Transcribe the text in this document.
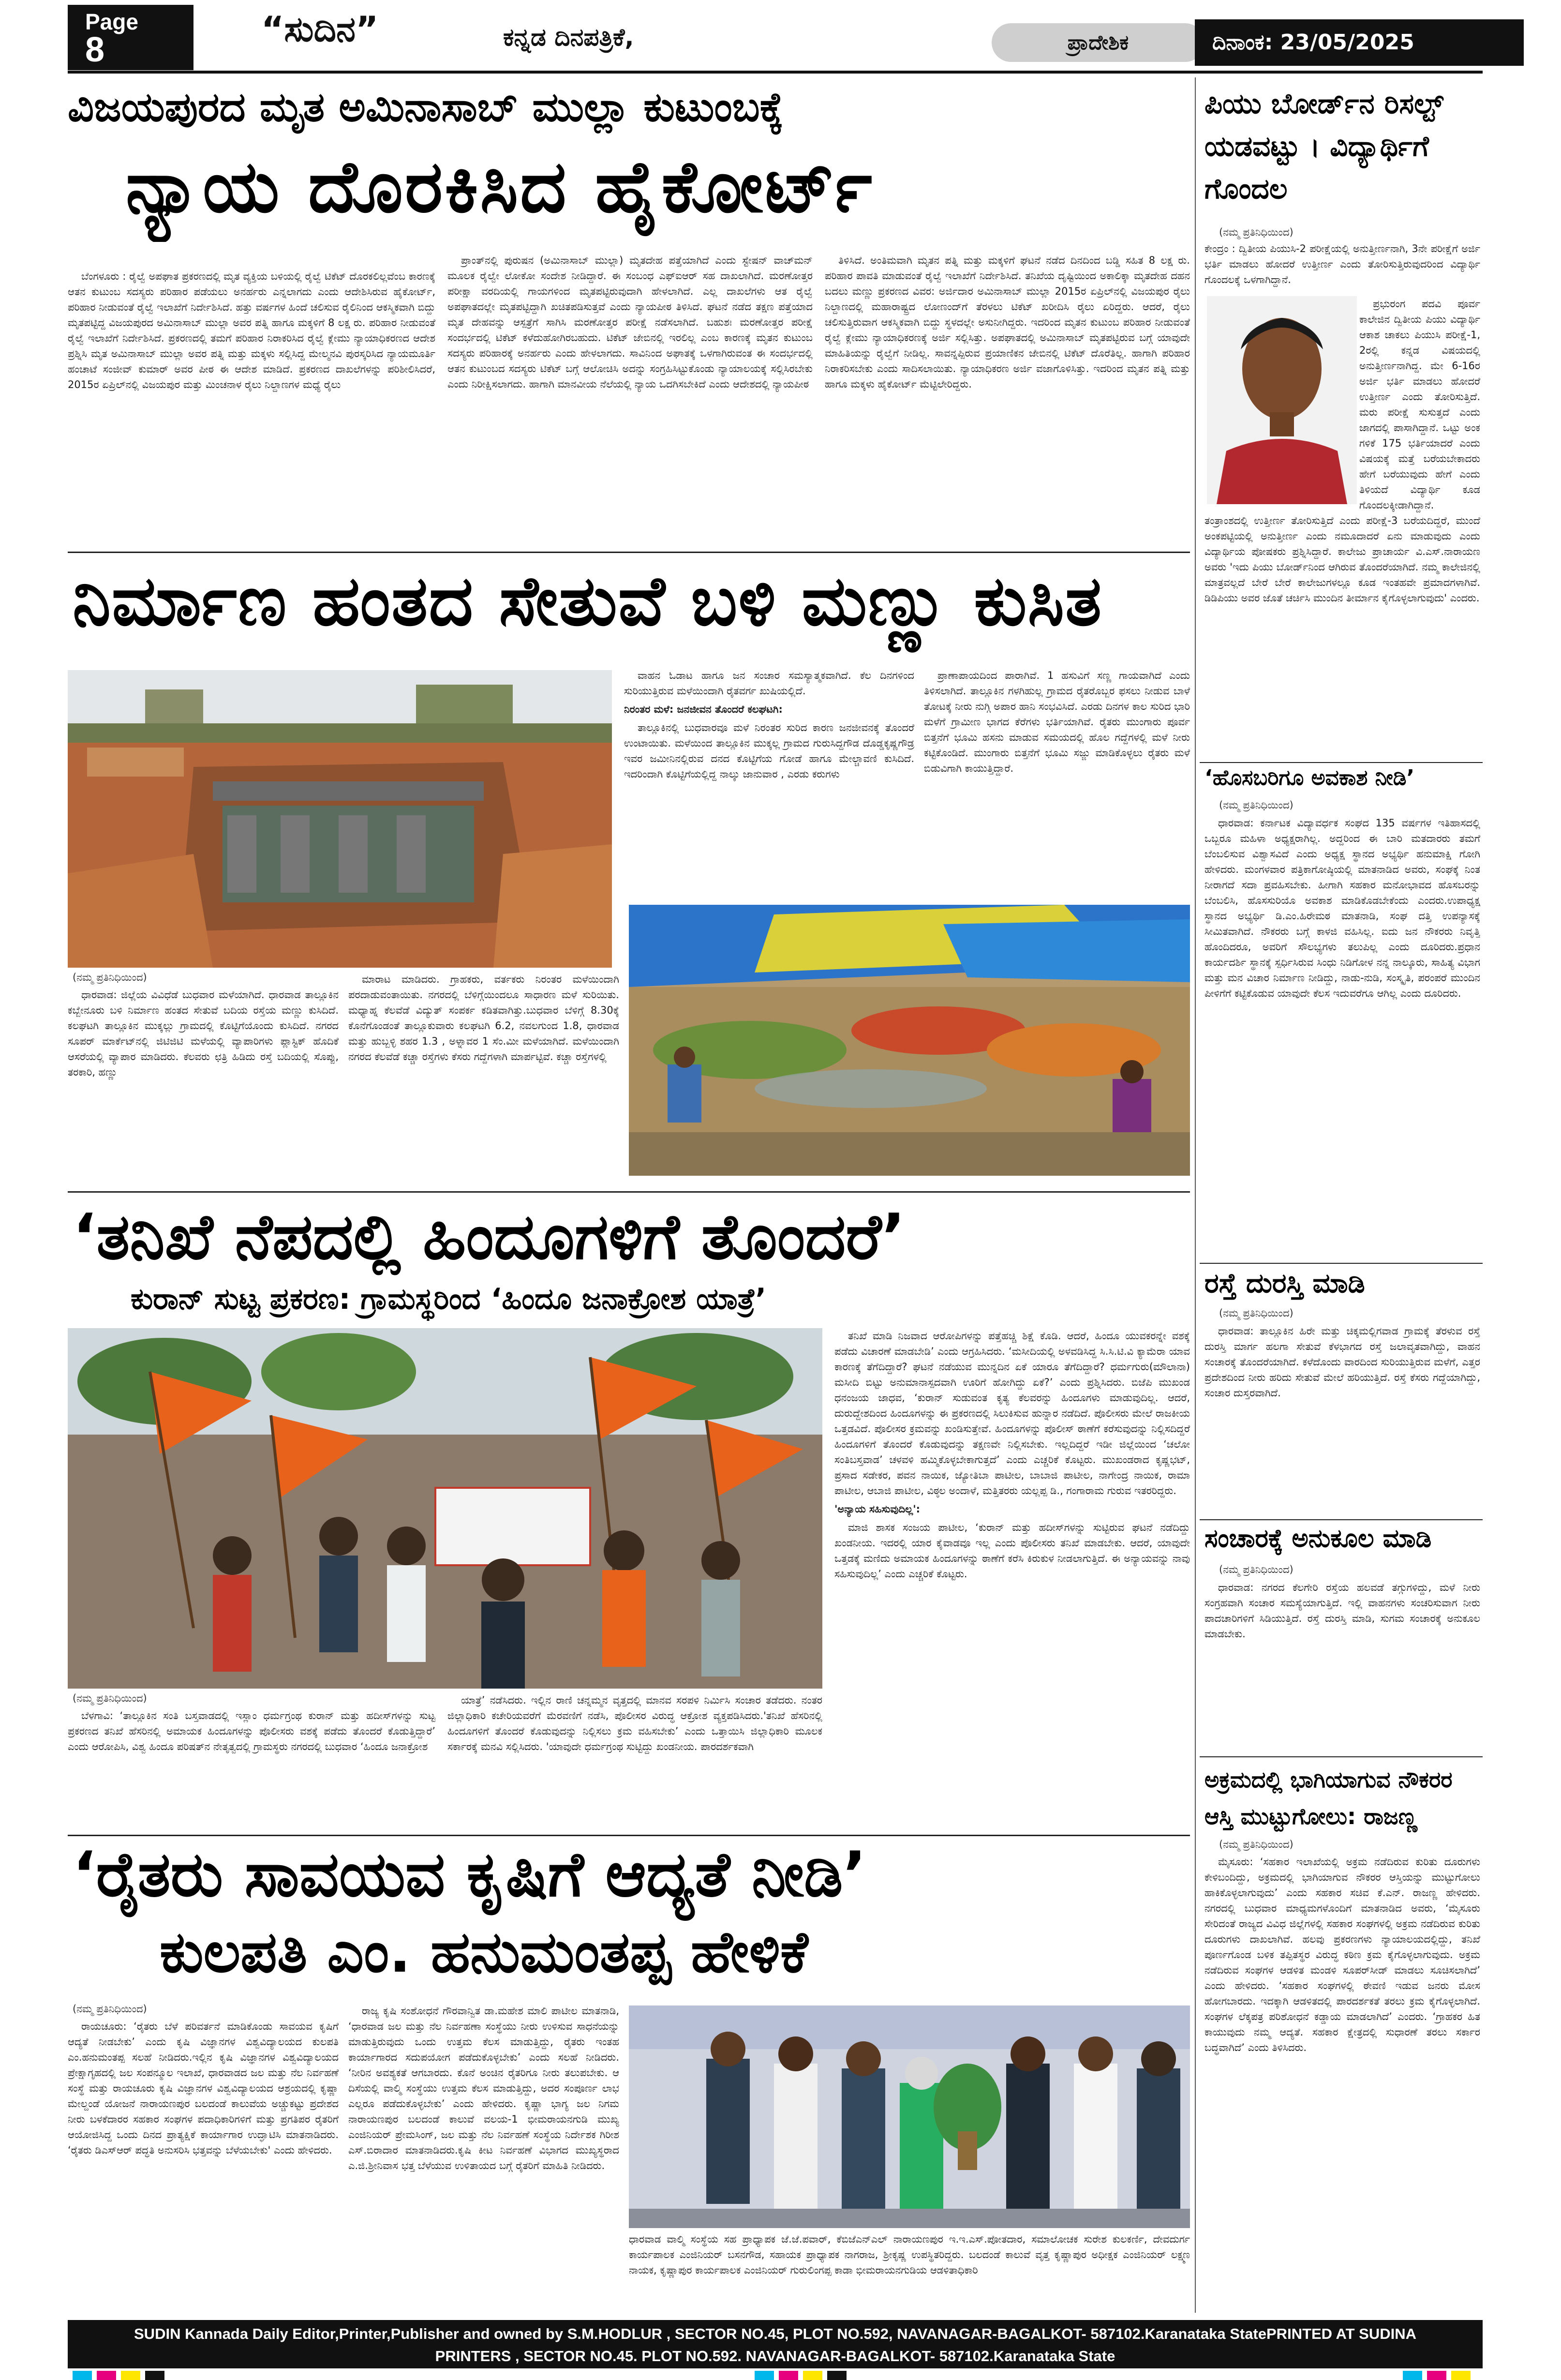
Page
8
“ಸುದಿನ”	ಕನ್ನಡ ದಿನಪತ್ರಿಕೆ,	ಪ್ರಾದೇಶಿಕ	ದಿನಾಂಕ: 23/05/2025
ವಿಜಯಪುರದ ಮೃತ ಅಮಿನಾಸಾಬ್ ಮುಲ್ಲಾ ಕುಟುಂಬಕ್ಕೆ
ನ್ಯಾಯ ದೊರಕಿಸಿದ ಹೈಕೋರ್ಟ್

ಬೆಂಗಳೂರು : ರೈಲ್ವೆ ಅಪಘಾತ ಪ್ರಕರಣದಲ್ಲಿ ಮೃತ ವ್ಯಕ್ತಿಯ ಬಳಿಯಲ್ಲಿ ರೈಲ್ವೆ ಟಿಕೆಟ್ ದೊರಕಲಿಲ್ಲವೆಂಬ ಕಾರಣಕ್ಕೆ ಆತನ ಕುಟುಂಬ ಸದಸ್ಯರು ಪರಿಹಾರ ಪಡೆಯಲು ಅನರ್ಹರು ಎನ್ನಲಾಗದು ಎಂದು ಆದೇಶಿಸಿರುವ ಹೈಕೋರ್ಟ್, ಪರಿಹಾರ ನೀಡುವಂತೆ ರೈಲ್ವೆ ಇಲಾಖೆಗೆ ನಿರ್ದೇಶಿಸಿದೆ. ಹತ್ತು ವರ್ಷಗಳ ಹಿಂದೆ ಚಲಿಸುವ ರೈಲಿನಿಂದ ಆಕಸ್ಮಿಕವಾಗಿ ಬಿದ್ದು ಮೃತಪಟ್ಟಿದ್ದ ವಿಜಯಪುರದ ಅಮಿನಾಸಾಬ್ ಮುಲ್ಲಾ ಅವರ ಪತ್ನಿ ಹಾಗೂ ಮಕ್ಕಳಿಗೆ 8 ಲಕ್ಷ ರು. ಪರಿಹಾರ ನೀಡುವಂತೆ ರೈಲ್ವೆ ಇಲಾಖೆಗೆ ನಿರ್ದೇಶಿಸಿದೆ. ಪ್ರಕರಣದಲ್ಲಿ ತಮಗೆ ಪರಿಹಾರ ನಿರಾಕರಿಸಿದ ರೈಲ್ವೆ ಕ್ಲೇಮು ನ್ಯಾಯಾಧಿಕರಣದ ಆದೇಶ ಪ್ರಶ್ನಿಸಿ ಮೃತ ಅಮಿನಾಸಾಬ್ ಮುಲ್ಲಾ ಅವರ ಪತ್ನಿ ಮತ್ತು ಮಕ್ಕಳು ಸಲ್ಲಿಸಿದ್ದ ಮೇಲ್ಮನವಿ ಪುರಸ್ಕರಿಸಿದ ನ್ಯಾಯಮೂರ್ತಿ ಹಂಚಾಟೆ ಸಂಜೀವ್ ಕುಮಾರ್ ಅವರ ಪೀಠ ಈ ಆದೇಶ ಮಾಡಿದೆ. ಪ್ರಕರಣದ ದಾಖಲೆಗಳನ್ನು ಪರಿಶೀಲಿಸಿದರೆ, 2015ರ ಏಪ್ರಿಲ್‌ನಲ್ಲಿ ವಿಜಯಪುರ ಮತ್ತು ಮಿಂಚನಾಳ ರೈಲು ನಿಲ್ದಾಣಗಳ ಮಧ್ಯೆ ರೈಲು

ಪ್ರಾಂತ್‌ನಲ್ಲಿ ಪುರುಷನ (ಅಮಿನಾಸಾಬ್ ಮುಲ್ಲಾ) ಮೃತದೇಹ ಪತ್ತೆಯಾಗಿದೆ ಎಂದು ಸ್ಟೇಷನ್ ವಾಚ್‌ಮನ್ ಮೂಲಕ ರೈಲ್ವೇ ಲೋಕೋ ಸಂದೇಶ ನೀಡಿದ್ದಾರೆ. ಈ ಸಂಬಂಧ ಎಫ್‌ಐಆರ್ ಸಹ ದಾಖಲಾಗಿದೆ. ಮರಣೋತ್ತರ ಪರೀಕ್ಷಾ ವರದಿಯಲ್ಲಿ ಗಾಯಗಳಿಂದ ಮೃತಪಟ್ಟಿರುವುದಾಗಿ ಹೇಳಲಾಗಿದೆ. ಎಲ್ಲ ದಾಖಲೆಗಳು ಆತ ರೈಲ್ವೆ ಅಪಘಾತದಲ್ಲೇ ಮೃತಪಟ್ಟಿದ್ದಾಗಿ ಖಚಿತಪಡಿಸುತ್ತವೆ ಎಂದು ನ್ಯಾಯಪೀಠ ತಿಳಿಸಿದೆ. ಘಟನೆ ನಡೆದ ತಕ್ಷಣ ಪತ್ತೆಯಾದ ಮೃತ ದೇಹವನ್ನು ಆಸ್ಪತ್ರೆಗೆ ಸಾಗಿಸಿ ಮರಣೋತ್ತರ ಪರೀಕ್ಷೆ ನಡೆಸಲಾಗಿದೆ. ಬಹುಶಃ ಮರಣೋತ್ತರ ಪರೀಕ್ಷೆ ಸಂದರ್ಭದಲ್ಲಿ ಟಿಕೆಟ್ ಕಳೆದುಹೋಗಿರಬಹುದು. ಟಿಕೆಟ್ ಜೇಬಿನಲ್ಲಿ ಇರಲಿಲ್ಲ ಎಂಬ ಕಾರಣಕ್ಕೆ ಮೃತನ ಕುಟುಂಬ ಸದಸ್ಯರು ಪರಿಹಾರಕ್ಕೆ ಅನರ್ಹರು ಎಂದು ಹೇಳಲಾಗದು. ಸಾವಿನಿಂದ ಅಘಾತಕ್ಕೆ ಒಳಗಾಗಿರುವಂತ ಈ ಸಂದರ್ಭದಲ್ಲಿ ಆತನ ಕುಟುಂಬದ ಸದಸ್ಯರು ಟಿಕೆಟ್ ಬಗ್ಗೆ ಆಲೋಚಿಸಿ ಅದನ್ನು ಸಂಗ್ರಹಿಸಿಟ್ಟುಕೊಂಡು ನ್ಯಾಯಾಲಯಕ್ಕೆ ಸಲ್ಲಿಸಿರಬೇಕು ಎಂದು ನಿರೀಕ್ಷಿಸಲಾಗದು. ಹಾಗಾಗಿ ಮಾನವೀಯ ನೆಲೆಯಲ್ಲಿ ನ್ಯಾಯ ಒದಗಿಸಬೇಕಿದೆ ಎಂದು ಆದೇಶದಲ್ಲಿ ನ್ಯಾಯಪೀಠ

ತಿಳಿಸಿದೆ. ಅಂತಿಮವಾಗಿ ಮೃತನ ಪತ್ನಿ ಮತ್ತು ಮಕ್ಕಳಿಗೆ ಘಟನೆ ನಡೆದ ದಿನದಿಂದ ಬಡ್ಡಿ ಸಹಿತ 8 ಲಕ್ಷ ರು. ಪರಿಹಾರ ಪಾವತಿ ಮಾಡುವಂತೆ ರೈಲ್ವೆ ಇಲಾಖೆಗೆ ನಿರ್ದೇಶಿಸಿದೆ. ತನಿಖೆಯ ದೃಷ್ಟಿಯಿಂದ ಅಕಾಲಿಕ್ಕಾ ಮೃತದೇಹ ದಹನ ಬದಲು ಮಣ್ಣು ಪ್ರಕರಣದ ವಿವರ: ಅರ್ಜಿದಾರ ಅಮಿನಾಸಾಬ್ ಮುಲ್ಲಾ 2015ರ ಏಪ್ರಿಲ್‌ನಲ್ಲಿ ವಿಜಯಪುರ ರೈಲು ನಿಲ್ದಾಣದಲ್ಲಿ ಮಹಾರಾಷ್ಟ್ರದ ಲೋಣಂದ್‌ಗೆ ತೆರಳಲು ಟಿಕೆಟ್ ಖರೀದಿಸಿ ರೈಲು ಏರಿದ್ದರು. ಆದರೆ, ರೈಲು ಚಲಿಸುತ್ತಿರುವಾಗ ಆಕಸ್ಮಿಕವಾಗಿ ಬಿದ್ದು ಸ್ಥಳದಲ್ಲೇ ಅಸುನೀಗಿದ್ದರು. ಇದರಿಂದ ಮೃತನ ಕುಟುಂಬ ಪರಿಹಾರ ನೀಡುವಂತೆ ರೈಲ್ವೆ ಕ್ಲೇಮು ನ್ಯಾಯಾಧಿಕರಣಕ್ಕೆ ಅರ್ಜಿ ಸಲ್ಲಿಸಿತ್ತು. ಅಪಘಾತದಲ್ಲಿ ಅಮಿನಾಸಾಬ್ ಮೃತಪಟ್ಟಿರುವ ಬಗ್ಗೆ ಯಾವುದೇ ಮಾಹಿತಿಯನ್ನು ರೈಲ್ವೆಗೆ ನೀಡಿಲ್ಲ. ಸಾವನ್ನಪ್ಪಿರುವ ಪ್ರಯಾಣಿಕನ ಜೇಬಿನಲ್ಲಿ ಟಿಕೆಟ್ ದೊರೆತಿಲ್ಲ. ಹಾಗಾಗಿ ಪರಿಹಾರ ನಿರಾಕರಿಸಬೇಕು ಎಂದು ಸಾದಿಸಲಾಯಿತು. ನ್ಯಾಯಾಧಿಕರಣ ಅರ್ಜಿ ವಜಾಗೊಳಿಸಿತ್ತು. ಇದರಿಂದ ಮೃತನ ಪತ್ನಿ ಮತ್ತು ಹಾಗೂ ಮಕ್ಕಳು ಹೈಕೋರ್ಟ್ ಮೆಟ್ಟಿಲೇರಿದ್ದರು.

ನಿರ್ಮಾಣ ಹಂತದ ಸೇತುವೆ ಬಳಿ ಮಣ್ಣು ಕುಸಿತ

ವಾಹನ ಓಡಾಟ ಹಾಗೂ ಜನ ಸಂಚಾರ ಸಮಸ್ಯಾತ್ಮಕವಾಗಿದೆ. ಕೆಲ ದಿನಗಳಿಂದ ಸುರಿಯುತ್ತಿರುವ ಮಳೆಯಿಂದಾಗಿ ರೈತವರ್ಗ ಖುಷಿಯಲ್ಲಿದೆ.

ನಿರಂತರ ಮಳೆ: ಜನಜೀವನ ತೊಂದರೆ ಕಲಘಟಗಿ:

ತಾಲ್ಲೂಕಿನಲ್ಲಿ ಬುಧವಾರವೂ ಮಳೆ ನಿರಂತರ ಸುರಿದ ಕಾರಣ ಜನಜೀವನಕ್ಕೆ ತೊಂದರೆ ಉಂಟಾಯಿತು. ಮಳೆಯಿಂದ ತಾಲ್ಲೂಕಿನ ಮುಕ್ಕಲ್ಲ ಗ್ರಾಮದ ಗುರುಸಿದ್ದಗೌಡ ದೊಡ್ಡಕೃಷ್ಣಗೌಡ್ರ ಇವರ ಜಮೀನಿನಲ್ಲಿರುವ ದನದ ಕೊಟ್ಟಿಗೆಯ ಗೋಡೆ ಹಾಗೂ ಮೇಲ್ಚಾವಣಿ ಕುಸಿದಿದೆ. ಇದರಿಂದಾಗಿ ಕೊಟ್ಟಿಗೆಯಲ್ಲಿದ್ದ ನಾಲ್ಕು ಜಾನುವಾರ , ಎರಡು ಕರುಗಳು

ಪ್ರಾಣಾಪಾಯದಿಂದ ಪಾರಾಗಿವೆ. 1 ಹಸುವಿಗೆ ಸಣ್ಣ ಗಾಯವಾಗಿದೆ ಎಂದು ತಿಳಿಸಲಾಗಿದೆ. ತಾಲ್ಲೂಕಿನ ಗಳಗಿಹುಲ್ಲ ಗ್ರಾಮದ ರೈತರೊಬ್ಬರ ಫಸಲು ನೀಡುವ ಬಾಳೆ ತೋಟಕ್ಕೆ ನೀರು ನುಗ್ಗಿ ಅಪಾರ ಹಾನಿ ಸಂಭವಿಸಿದೆ. ಎರಡು ದಿನಗಳ ಕಾಲ ಸುರಿದ ಭಾರಿ ಮಳೆಗೆ ಗ್ರಾಮೀಣ ಭಾಗದ ಕೆರೆಗಳು ಭರ್ತಿಯಾಗಿವೆ. ರೈತರು ಮುಂಗಾರು ಪೂರ್ವ ಬಿತ್ತನೆಗೆ ಭೂಮಿ ಹಸನು ಮಾಡುವ ಸಮಯದಲ್ಲಿ ಹೊಲ ಗದ್ದೆಗಳಲ್ಲಿ ಮಳೆ ನೀರು ಕಟ್ಟಿಕೊಂಡಿದೆ. ಮುಂಗಾರು ಬಿತ್ತನೆಗೆ ಭೂಮಿ ಸಜ್ಜು ಮಾಡಿಕೊಳ್ಳಲು ರೈತರು ಮಳೆ ಬಿಡುವಿಗಾಗಿ ಕಾಯುತ್ತಿದ್ದಾರೆ.

(ನಮ್ಮ ಪ್ರತಿನಿಧಿಯಿಂದ)

ಧಾರವಾಡ: ಜಿಲ್ಲೆಯ ವಿವಿಧೆಡೆ ಬುಧವಾರ ಮಳೆಯಾಗಿದೆ. ಧಾರವಾಡ ತಾಲ್ಲೂಕಿನ ಕಬ್ಬೇನೂರು ಬಳಿ ನಿರ್ಮಾಣ ಹಂತದ ಸೇತುವೆ ಬದಿಯ ರಸ್ತೆಯ ಮಣ್ಣು ಕುಸಿದಿದೆ. ಕಲಘಟಗಿ ತಾಲ್ಲೂಕಿನ ಮುಕ್ಕಲ್ಲು ಗ್ರಾಮದಲ್ಲಿ ಕೊಟ್ಟಿಗೆಯೊಂದು ಕುಸಿದಿದೆ. ನಗರದ ಸೂಪರ್ ಮಾರ್ಕೆಟ್‌ನಲ್ಲಿ ಜಿಟಿಜಿಟಿ ಮಳೆಯಲ್ಲಿ ವ್ಯಾಪಾರಿಗಳು ಪ್ಲಾಸ್ಟಿಕ್ ಹೊದಿಕೆ ಆಸರೆಯಲ್ಲಿ ವ್ಯಾಪಾರ ಮಾಡಿದರು. ಕೆಲವರು ಛತ್ರಿ ಹಿಡಿದು ರಸ್ತೆ ಬದಿಯಲ್ಲಿ ಸೊಪ್ಪು, ತರಕಾರಿ, ಹಣ್ಣು

ಮಾರಾಟ ಮಾಡಿದರು. ಗ್ರಾಹಕರು, ವರ್ತಕರು ನಿರಂತರ ಮಳೆಯಿಂದಾಗಿ ಪರದಾಡುವಂತಾಯಿತು. ನಗರದಲ್ಲಿ ಬೆಳಿಗ್ಗೆಯಿಂದಲೂ ಸಾಧಾರಣ ಮಳೆ ಸುರಿಯಿತು. ಮಧ್ಯಾಹ್ನ ಕೆಲವೆಡೆ ವಿದ್ಯುತ್ ಸಂಪರ್ಕ ಕಡಿತವಾಗಿತ್ತು.ಬುಧವಾರ ಬೆಳಿಗ್ಗೆ 8.30ಕ್ಕೆ ಕೊನೆಗೊಂಡಂತೆ ತಾಲ್ಲೂಕುವಾರು ಕಲಘಟಗಿ 6.2, ನವಲಗುಂದ 1.8, ಧಾರವಾಡ ಮತ್ತು ಹುಬ್ಬಳ್ಳಿ ಶಹರ 1.3 , ಅಳ್ನಾವರ 1 ಸೆಂ.ಮೀ ಮಳೆಯಾಗಿದೆ. ಮಳೆಯಿಂದಾಗಿ ನಗರದ ಕೆಲವೆಡೆ ಕಚ್ಚಾ ರಸ್ತೆಗಳು ಕೆಸರು ಗದ್ದೆಗಳಾಗಿ ಮಾರ್ಪಟ್ಟಿವೆ. ಕಚ್ಚಾ ರಸ್ತೆಗಳಲ್ಲಿ

‘ತನಿಖೆ ನೆಪದಲ್ಲಿ ಹಿಂದೂಗಳಿಗೆ ತೊಂದರೆ’
ಕುರಾನ್ ಸುಟ್ಟ ಪ್ರಕರಣ: ಗ್ರಾಮಸ್ಥರಿಂದ ‘ಹಿಂದೂ ಜನಾಕ್ರೋಶ ಯಾತ್ರೆ’

ತನಿಖೆ ಮಾಡಿ ನಿಜವಾದ ಆರೋಪಿಗಳನ್ನು ಪತ್ತೆಹಚ್ಚಿ ಶಿಕ್ಷೆ ಕೊಡಿ. ಆದರೆ, ಹಿಂದೂ ಯುವಕರನ್ನೇ ವಶಕ್ಕೆ ಪಡೆದು ವಿಚಾರಣೆ ಮಾಡಬೇಡಿ’ ಎಂದು ಆಗ್ರಹಿಸಿದರು. ‘ಮಸೀದಿಯಲ್ಲಿ ಅಳವಡಿಸಿದ್ದ ಸಿ.ಸಿ.ಟಿ.ವಿ ಕ್ಯಾಮೆರಾ ಯಾವ ಕಾರಣಕ್ಕೆ ತೆಗೆದಿದ್ದಾರೆ? ಘಟನೆ ನಡೆಯುವ ಮುನ್ನದಿನ ಏಕೆ ಯಾರೂ ತೆಗೆದಿದ್ದಾರೆ? ಧರ್ಮಗುರು(ಮೌಲಾನಾ) ಮಸೀದಿ ಬಿಟ್ಟು ಅನುಮಾನಾಸ್ಪದವಾಗಿ ಊರಿಗೆ ಹೋಗಿದ್ದು ಏಕೆ?’ ಎಂದು ಪ್ರಶ್ನಿಸಿದರು. ಬಿಜೆಪಿ ಮುಖಂಡ ಧನಂಜಯ ಜಾಧವ, ‘ಕುರಾನ್ ಸುಡುವಂತ ಕೃತ್ಯ ಕೆಲವರನ್ನು ಹಿಂದೂಗಳು ಮಾಡುವುದಿಲ್ಲ. ಆದರೆ, ದುರುದ್ದೇಶದಿಂದ ಹಿಂದೂಗಳನ್ನು ಈ ಪ್ರಕರಣದಲ್ಲಿ ಸಿಲುಕಿಸುವ ಹುನ್ನಾರ ನಡೆದಿದೆ. ಪೊಲೀಸರು ಮೇಲೆ ರಾಜಕೀಯ ಒತ್ತಡವಿದೆ. ಪೊಲೀಸರ ಕ್ರಮವನ್ನು ಖಂಡಿಸುತ್ತೇವೆ. ಹಿಂದೂಗಳನ್ನು ಪೊಲೀಸ್ ಠಾಣೆಗೆ ಕರೆಸುವುದನ್ನು ನಿಲ್ಲಿಸದಿದ್ದರೆ ಹಿಂದೂಗಳಿಗೆ ತೊಂದರೆ ಕೊಡುವುದನ್ನು ತಕ್ಷಣವೇ ನಿಲ್ಲಿಸಬೇಕು. ಇಲ್ಲದಿದ್ದರೆ ಇಡೀ ಜಿಲ್ಲೆಯಿಂದ ‘ಚಲೋ ಸಂತಿಬಸ್ತವಾಡ’ ಚಳವಳಿ ಹಮ್ಮಿಕೊಳ್ಳಬೇಕಾಗುತ್ತದೆ’ ಎಂದು ಎಚ್ಚರಿಕೆ ಕೊಟ್ಟರು. ಮುಖಂಡರಾದ ಕೃಷ್ಣಭಟ್, ಪ್ರಸಾದ ಸಡೇಕರ, ಪವನ ನಾಯಿಕ, ಜ್ಯೋತಿಬಾ ಪಾಟೀಲ, ಬಾಬಾಜಿ ಪಾಟೀಲ, ನಾಗೇಂದ್ರ ನಾಯಿಕ, ರಾಮಾ ಪಾಟೀಲ, ಆಬಾಜಿ ಪಾಟೀಲ, ವಿಠ್ಠಲ ಅಂದಾಳೆ, ಮತ್ತಿತರರು ಯಲ್ಲಪ್ಪ ಡಿ., ಗಂಗಾರಾಮ ಗುರುವ ಇತರರಿದ್ದರು.

'ಅನ್ಯಾಯ ಸಹಿಸುವುದಿಲ್ಲ':

ಮಾಜಿ ಶಾಸಕ ಸಂಜಯ ಪಾಟೀಲ, ‘ಕುರಾನ್ ಮತ್ತು ಹದೀಸ್‌ಗಳನ್ನು ಸುಟ್ಟಿರುವ ಘಟನೆ ನಡೆದಿದ್ದು ಖಂಡನೀಯ. ಇದರಲ್ಲಿ ಯಾರ ಕೈವಾಡವೂ ಇಲ್ಲ ಎಂದು ಪೊಲೀಸರು ತನಿಖೆ ಮಾಡಬೇಕು. ಆದರೆ, ಯಾವುದೇ ಒತ್ತಡಕ್ಕೆ ಮಣಿದು ಅಮಾಯಕ ಹಿಂದೂಗಳನ್ನು ಠಾಣೆಗೆ ಕರೆಸಿ ಕಿರುಕುಳ ನೀಡಲಾಗುತ್ತಿದೆ. ಈ ಅನ್ಯಾಯವನ್ನು ನಾವು ಸಹಿಸುವುದಿಲ್ಲ’ ಎಂದು ಎಚ್ಚರಿಕೆ ಕೊಟ್ಟರು.

(ನಮ್ಮ ಪ್ರತಿನಿಧಿಯಿಂದ)

ಬೆಳಗಾವಿ: ‘ತಾಲ್ಲೂಕಿನ ಸಂತಿ ಬಸ್ತವಾಡದಲ್ಲಿ ಇಸ್ಲಾಂ ಧರ್ಮಗ್ರಂಥ ಕುರಾನ್ ಮತ್ತು ಹದೀಸ್‌ಗಳನ್ನು ಸುಟ್ಟ ಪ್ರಕರಣದ ತನಿಖೆ ಹೆಸರಿನಲ್ಲಿ ಅಮಾಯಕ ಹಿಂದೂಗಳನ್ನು ಪೊಲೀಸರು ವಶಕ್ಕೆ ಪಡೆದು ತೊಂದರೆ ಕೊಡುತ್ತಿದ್ದಾರೆ’ ಎಂದು ಆರೋಪಿಸಿ, ವಿಶ್ವ ಹಿಂದೂ ಪರಿಷತ್‌ನ ನೇತೃತ್ವದಲ್ಲಿ ಗ್ರಾಮಸ್ಥರು ನಗರದಲ್ಲಿ ಬುಧವಾರ ‘ಹಿಂದೂ ಜನಾಕ್ರೋಶ

ಯಾತ್ರೆ’ ನಡೆಸಿದರು. ಇಲ್ಲಿನ ರಾಣಿ ಚನ್ನಮ್ಮನ ವೃತ್ತದಲ್ಲಿ ಮಾನವ ಸರಪಳಿ ನಿರ್ಮಿಸಿ ಸಂಚಾರ ತಡೆದರು. ನಂತರ ಜಿಲ್ಲಾಧಿಕಾರಿ ಕಚೇರಿಯವರೆಗೆ ಮೆರವಣಿಗೆ ನಡೆಸಿ, ಪೊಲೀಸರ ವಿರುದ್ಧ ಆಕ್ರೋಶ ವ್ಯಕ್ತಪಡಿಸಿದರು.'ತನಿಖೆ ಹೆಸರಿನಲ್ಲಿ ಹಿಂದೂಗಳಿಗೆ ತೊಂದರೆ ಕೊಡುವುದನ್ನು ನಿಲ್ಲಿಸಲು ಕ್ರಮ ವಹಿಸಬೇಕು’ ಎಂದು ಒತ್ತಾಯಿಸಿ ಜಿಲ್ಲಾಧಿಕಾರಿ ಮೂಲಕ ಸರ್ಕಾರಕ್ಕೆ ಮನವಿ ಸಲ್ಲಿಸಿದರು. 'ಯಾವುದೇ ಧರ್ಮಗ್ರಂಥ ಸುಟ್ಟಿದ್ದು ಖಂಡನೀಯ. ಪಾರದರ್ಶಕವಾಗಿ

‘ರೈತರು ಸಾವಯವ ಕೃಷಿಗೆ ಆದ್ಯತೆ ನೀಡಿ’
ಕುಲಪತಿ ಎಂ. ಹನುಮಂತಪ್ಪ ಹೇಳಿಕೆ
(ನಮ್ಮ ಪ್ರತಿನಿಧಿಯಿಂದ)

ರಾಯಚೂರು: ‘ರೈತರು ಬೆಳೆ ಪರಿವರ್ತನೆ ಮಾಡಿಕೊಂಡು ಸಾವಯವ ಕೃಷಿಗೆ ಆದ್ಯತೆ ನೀಡಬೇಕು’ ಎಂದು ಕೃಷಿ ವಿಜ್ಞಾನಗಳ ವಿಶ್ವವಿದ್ಯಾಲಯದ ಕುಲಪತಿ ಎಂ.ಹನುಮಂತಪ್ಪ ಸಲಹೆ ನೀಡಿದರು.ಇಲ್ಲಿನ ಕೃಷಿ ವಿಜ್ಞಾನಗಳ ವಿಶ್ವವಿದ್ಯಾಲಯದ ಪ್ರೇಕ್ಷಾಗೃಹದಲ್ಲಿ ಜಲ ಸಂಪನ್ಮೂಲ ಇಲಾಖೆ, ಧಾರವಾಡದ ಜಲ ಮತ್ತು ನೆಲ ನಿರ್ವಹಣೆ ಸಂಸ್ಥೆ ಮತ್ತು ರಾಯಚೂರು ಕೃಷಿ ವಿಜ್ಞಾನಗಳ ವಿಶ್ವವಿದ್ಯಾಲಯದ ಆಶ್ರಯದಲ್ಲಿ ಕೃಷ್ಣಾ ಮೇಲ್ದಂಡೆ ಯೋಜನೆ ನಾರಾಯಣಪುರ ಬಲದಂಡೆ ಕಾಲುವೆಯ ಅಚ್ಚುಕಟ್ಟು ಪ್ರದೇಶದ ನೀರು ಬಳಕೆದಾರರ ಸಹಕಾರ ಸಂಘಗಳ ಪದಾಧಿಕಾರಿಗಳಿಗೆ ಮತ್ತು ಪ್ರಗತಿಪರ ರೈತರಿಗೆ ಆಯೋಜಿಸಿದ್ದ ಒಂದು ದಿನದ ಪ್ರಾತ್ಯಕ್ಷಿಕೆ ಕಾರ್ಯಾಗಾರ ಉದ್ಘಾಟಿಸಿ ಮಾತನಾಡಿದರು. ‘ರೈತರು ಡಿಎಸ್‌ಆರ್ ಪದ್ಧತಿ ಅನುಸರಿಸಿ ಭತ್ತವನ್ನು ಬೆಳೆಯಬೇಕು' ಎಂದು ಹೇಳಿದರು.

ರಾಜ್ಯ ಕೃಷಿ ಸಂಶೋಧನೆ ಗೌರವಾನ್ವಿತ ಡಾ.ಮಹೇಶ ಮಾಲಿ ಪಾಟೀಲ ಮಾತನಾಡಿ, ‘ಧಾರವಾಡ ಜಲ ಮತ್ತು ನೆಲ ನಿರ್ವಹಣಾ ಸಂಸ್ಥೆಯು ನೀರು ಉಳಿಸುವ ಸಾಧನೆಯನ್ನು ಮಾಡುತ್ತಿರುವುದು ಒಂದು ಉತ್ತಮ ಕೆಲಸ ಮಾಡುತ್ತಿದ್ದು, ರೈತರು ಇಂತಹ ಕಾರ್ಯಾಗಾರದ ಸದುಪಯೋಗ ಪಡೆದುಕೊಳ್ಳಬೇಕು’ ಎಂದು ಸಲಹೆ ನೀಡಿದರು. ‘ನೀರಿನ ಅವಶ್ಯಕತೆ ಆಗಬಾರದು. ಕೊನೆ ಅಂಚಿನ ರೈತರಿಗೂ ನೀರು ತಲುಪಬೇಕು. ಆ ದಿಸೆಯಲ್ಲಿ ವಾಲ್ಮಿ ಸಂಸ್ಥೆಯು ಉತ್ತಮ ಕೆಲಸ ಮಾಡುತ್ತಿದ್ದು, ಅದರ ಸಂಪೂರ್ಣ ಲಾಭ ಎಲ್ಲರೂ ಪಡೆದುಕೊಳ್ಳಬೇಕು’ ಎಂದು ಹೇಳಿದರು. ಕೃಷ್ಣಾ ಭಾಗ್ಯ ಜಲ ನಿಗಮ ನಾರಾಯಣಪುರ ಬಲದಂಡೆ ಕಾಲುವೆ ವಲಯ-1 ಭೀಮರಾಯನಗುಡಿ ಮುಖ್ಯ ಎಂಜಿನಿಯರ್ ಪ್ರೇಮಸಿಂಗ್, ಜಲ ಮತ್ತು ನೆಲ ನಿರ್ವಹಣೆ ಸಂಸ್ಥೆಯ ನಿರ್ದೇಶಕ ಗಿರೀಶ ಎಸ್.ಬಿರಾದಾರ ಮಾತನಾಡಿದರು.ಕೃಷಿ ಕೀಟ ನಿರ್ವಹಣೆ ವಿಭಾಗದ ಮುಖ್ಯಸ್ಥರಾದ ಎ.ಜಿ.ಶ್ರೀನಿವಾಸ ಭತ್ತ ಬೆಳೆಯುವ ಉಳಿತಾಯದ ಬಗ್ಗೆ ರೈತರಿಗೆ ಮಾಹಿತಿ ನೀಡಿದರು.

ಧಾರವಾಡ ವಾಲ್ಮಿ ಸಂಸ್ಥೆಯ ಸಹ ಪ್ರಾಧ್ಯಾಪಕ ಜೆ.ಜೆ.ಪವಾರ್, ಕೆಬಿಜೆಎನ್‌ಎಲ್ ನಾರಾಯಣಪುರ ಇ.ಇ.ಎಸ್.ಪೋತದಾರ, ಸಮಾಲೋಚಕ ಸುರೇಶ ಕುಲಕರ್ಣಿ, ದೇವದುರ್ಗ ಕಾರ್ಯಪಾಲಕ ಎಂಜಿನಿಯರ್ ಬಸನಗೌಡ, ಸಹಾಯಕ ಪ್ರಾಧ್ಯಾಪಕ ನಾಗರಾಜ, ಶ್ರೀಕೃಷ್ಣ ಉಪಸ್ಥಿತರಿದ್ದರು. ಬಲದಂಡೆ ಕಾಲುವೆ ವೃತ್ತ ಕೃಷ್ಣಾಪುರ ಅಧೀಕ್ಷಕ ಎಂಜಿನಿಯರ್ ಲಕ್ಷ್ಮಣ ನಾಯಕ, ಕೃಷ್ಣಾಪುರ ಕಾರ್ಯಪಾಲಕ ಎಂಜಿನಿಯರ್ ಗುರುಲಿಂಗಪ್ಪ ಕಾಡಾ ಭೀಮರಾಯನಗುಡಿಯ ಆಡಳಿತಾಧಿಕಾರಿ

ಪಿಯು ಬೋರ್ಡ್‌ನ ರಿಸಲ್ಟ್ ಯಡವಟ್ಟು । ವಿದ್ಯಾರ್ಥಿಗೆ ಗೊಂದಲ
(ನಮ್ಮ ಪ್ರತಿನಿಧಿಯಿಂದ)

ಕೇಂದ್ರಂ : ದ್ವಿತೀಯ ಪಿಯುಸಿ-2 ಪರೀಕ್ಷೆಯಲ್ಲಿ ಅನುತ್ತೀರ್ಣನಾಗಿ, 3ನೇ ಪರೀಕ್ಷೆಗೆ ಅರ್ಜಿ ಭರ್ತಿ ಮಾಡಲು ಹೋದರೆ ಉತ್ತೀರ್ಣ ಎಂದು ತೋರಿಸುತ್ತಿರುವುದರಿಂದ ವಿದ್ಯಾರ್ಥಿ ಗೊಂದಲಕ್ಕೆ ಒಳಗಾಗಿದ್ದಾನೆ.

ಪ್ರಭುರಂಗ ಪದವಿ ಪೂರ್ವ ಕಾಲೇಜಿನ ದ್ವಿತೀಯ ಪಿಯು ವಿದ್ಯಾರ್ಥಿ ಆಕಾಶ ಚಾಕಲು ಪಿಯುಸಿ ಪರೀಕ್ಷೆ-1, 2ರಲ್ಲಿ ಕನ್ನಡ ವಿಷಯದಲ್ಲಿ ಅನುತ್ತೀರ್ಣನಾಗಿದ್ದ. ಮೇ 6-16ರ ಅರ್ಜಿ ಭರ್ತಿ ಮಾಡಲು ಹೋದರೆ ಉತ್ತೀರ್ಣ ಎಂದು ತೋರಿಸುತ್ತಿದೆ. ಮರು ಪರೀಕ್ಷೆ ಸುಸುತ್ತದೆ ಎಂದು ಜಾಗದಲ್ಲಿ ಪಾಸಾಗಿದ್ದಾನೆ. ಒಟ್ಟು ಅಂಕ ಗಳಿಕೆ 175 ಭರ್ತಿಯಾದರೆ ಎಂದು ವಿಷಯಕ್ಕೆ ಮತ್ತೆ ಬರೆಯಬೇಕಾದರು ಹೇಗೆ ಬರೆಯುವುದು ಹೇಗೆ ಎಂದು ತಿಳಿಯದೆ ವಿದ್ಯಾರ್ಥಿ ಕೂಡ ಗೊಂದಲಕ್ಕೀಡಾಗಿದ್ದಾನೆ. ತಂತ್ರಾಂಶದಲ್ಲಿ ಉತ್ತೀರ್ಣ ತೋರಿಸುತ್ತಿದೆ ಎಂದು ಪರೀಕ್ಷೆ-3 ಬರೆಯದಿದ್ದರೆ, ಮುಂದೆ ಅಂಕಪಟ್ಟಿಯಲ್ಲಿ ಅನುತ್ತೀರ್ಣ ಎಂದು ನಮೂದಾದರೆ ಏನು ಮಾಡುವುದು ಎಂದು ವಿದ್ಯಾರ್ಥಿಯ ಪೋಷಕರು ಪ್ರಶ್ನಿಸಿದ್ದಾರೆ. ಕಾಲೇಜು ಪ್ರಾಚಾರ್ಯ ವಿ.ಎಸ್.ನಾರಾಯಣ ಅವರು 'ಇದು ಪಿಯು ಬೋರ್ಡ್‌ನಿಂದ ಆಗಿರುವ ತೊಂದರೆಯಾಗಿದೆ. ನಮ್ಮ ಕಾಲೇಜಿನಲ್ಲಿ ಮಾತ್ರವಲ್ಲದೆ ಬೇರೆ ಬೇರೆ ಕಾಲೇಜುಗಳಲ್ಲೂ ಕೂಡ ಇಂತಹವೇ ಪ್ರಮಾದಗಳಾಗಿವೆ. ಡಿಡಿಪಿಯು ಅವರ ಜೊತೆ ಚರ್ಚಿಸಿ ಮುಂದಿನ ತೀರ್ಮಾನ ಕೈಗೊಳ್ಳಲಾಗುವುದು' ಎಂದರು.

‘ಹೊಸಬರಿಗೂ ಅವಕಾಶ ನೀಡಿ’
(ನಮ್ಮ ಪ್ರತಿನಿಧಿಯಿಂದ)

ಧಾರವಾಡ: ಕರ್ನಾಟಕ ವಿದ್ಯಾವರ್ಧಕ ಸಂಘದ 135 ವರ್ಷಗಳ ಇತಿಹಾಸದಲ್ಲಿ ಒಬ್ಬರೂ ಮಹಿಳಾ ಅಧ್ಯಕ್ಷರಾಗಿಲ್ಲ. ಅದ್ದರಿಂದ ಈ ಬಾರಿ ಮತದಾರರು ತಮಗೆ ಬೆಂಬಲಿಸುವ ವಿಶ್ವಾಸವಿದೆ ಎಂದು ಅಧ್ಯಕ್ಷ ಸ್ಥಾನದ ಅಭ್ಯರ್ಥಿ ಹನುಮಾಕ್ಷಿ ಗೋಗಿ ಹೇಳಿದರು. ಮಂಗಳವಾರ ಪತ್ರಿಕಾಗೋಷ್ಠಿಯಲ್ಲಿ ಮಾತನಾಡಿದ ಅವರು, ಸಂಘಕ್ಕೆ ನಿಂತ ನೀರಾಗದೆ ಸದಾ ಪ್ರವಹಿಸಬೇಕು. ಹೀಗಾಗಿ ಸಹಕಾರ ಮನೋಭಾವದ ಹೊಸಬರನ್ನು ಬೆಂಬಲಿಸಿ, ಹೊಸಸುರಿಯೊ ಅವಕಾಶ ಮಾಡಿಕೊಡಬೇಕೆಂದು ಎಂದರು.ಉಪಾಧ್ಯಕ್ಷ ಸ್ಥಾನದ ಅಭ್ಯರ್ಥಿ ಡಿ.ಎಂ.ಹಿರೇಮಠ ಮಾತನಾಡಿ, ಸಂಘ ದತ್ತಿ ಉಪನ್ಯಾಸಕ್ಕೆ ಸೀಮಿತವಾಗಿದೆ. ನೌಕರರು ಬಗ್ಗೆ ಕಾಳಜಿ ವಹಿಸಿಲ್ಲ. ಐದು ಜನ ನೌಕರರು ನಿವೃತ್ತಿ ಹೊಂದಿದರೂ, ಅವರಿಗೆ ಸೌಲಭ್ಯಗಳು ತಲುಪಿಲ್ಲ ಎಂದು ದೂರಿದರು.ಪ್ರಧಾನ ಕಾರ್ಯದರ್ಶಿ ಸ್ಥಾನಕ್ಕೆ ಸ್ಪರ್ಧಿಸಿರುವ ಸಿಂಧು ನಿಡಿಗೋಳ ನನ್ನ ನಾಲ್ಕೂರು, ಸಾಹಿತ್ಯ ವಿಭಾಗ ಮತ್ತು ಮನ ವಿಚಾರ ನಿರ್ಮಾಣ ನೀಡಿದ್ದು, ನಾಡು-ನುಡಿ, ಸಂಸ್ಕೃತಿ, ಪರಂಪರೆ ಮುಂದಿನ ಪೀಳಿಗೆಗೆ ಕಟ್ಟಿಕೊಡುವ ಯಾವುದೇ ಕೆಲಸ ಇದುವರೆಗೂ ಆಗಿಲ್ಲ ಎಂದು ದೂರಿದರು.

ರಸ್ತೆ ದುರಸ್ತಿ ಮಾಡಿ
(ನಮ್ಮ ಪ್ರತಿನಿಧಿಯಿಂದ)

ಧಾರವಾಡ: ತಾಲ್ಲೂಕಿನ ಹಿರೇ ಮತ್ತು ಚಿಕ್ಕಮಲ್ಲಿಗವಾಡ ಗ್ರಾಮಕ್ಕೆ ತೆರಳುವ ರಸ್ತೆ ದುರಸ್ತಿ ಮಾರ್ಗ ಹಲಗಾ ಸೇತುವೆ ಕೆಳಭಾಗದ ರಸ್ತೆ ಜಲಾವೃತವಾಗಿದ್ದು, ವಾಹನ ಸಂಚಾರಕ್ಕೆ ತೊಂದರೆಯಾಗಿದೆ. ಕಳೆದೊಂದು ವಾರದಿಂದ ಸುರಿಯುತ್ತಿರುವ ಮಳೆಗೆ, ಎತ್ತರ ಪ್ರದೇಶದಿಂದ ನೀರು ಹರಿದು ಸೇತುವೆ ಮೇಲೆ ಹರಿಯುತ್ತಿದೆ. ರಸ್ತೆ ಕೆಸರು ಗದ್ದೆಯಾಗಿದ್ದು, ಸಂಚಾರ ದುಸ್ತರವಾಗಿದೆ.

ಸಂಚಾರಕ್ಕೆ ಅನುಕೂಲ ಮಾಡಿ
(ನಮ್ಮ ಪ್ರತಿನಿಧಿಯಿಂದ)

ಧಾರವಾಡ: ನಗರದ ಕೆಲಗೇರಿ ರಸ್ತೆಯ ಹಲವಡೆ ತಗ್ಗುಗಳಿದ್ದು, ಮಳೆ ನೀರು ಸಂಗ್ರಹವಾಗಿ ಸಂಚಾರ ಸಮಸ್ಯೆಯಾಗುತ್ತಿದೆ. ಇಲ್ಲಿ ವಾಹನಗಳು ಸಂಚರಿಸುವಾಗ ನೀರು ಪಾದಚಾರಿಗಳಿಗೆ ಸಿಡಿಯುತ್ತಿದೆ. ರಸ್ತೆ ದುರಸ್ತಿ ಮಾಡಿ, ಸುಗಮ ಸಂಚಾರಕ್ಕೆ ಅನುಕೂಲ ಮಾಡಬೇಕು.

ಅಕ್ರಮದಲ್ಲಿ ಭಾಗಿಯಾಗುವ ನೌಕರರ ಆಸ್ತಿ ಮುಟ್ಟುಗೋಲು: ರಾಜಣ್ಣ
(ನಮ್ಮ ಪ್ರತಿನಿಧಿಯಿಂದ)

ಮೈಸೂರು: ‘ಸಹಕಾರ ಇಲಾಖೆಯಲ್ಲಿ ಅಕ್ರಮ ನಡೆದಿರುವ ಕುರಿತು ದೂರುಗಳು ಕೇಳಿಬಂದಿದ್ದು, ಅಕ್ರಮದಲ್ಲಿ ಭಾಗಿಯಾಗುವ ನೌಕರರ ಆಸ್ತಿಯನ್ನು ಮುಟ್ಟುಗೋಲು ಹಾಕಿಕೊಳ್ಳಲಾಗುವುದು’ ಎಂದು ಸಹಕಾರ ಸಚಿವ ಕೆ.ಎನ್. ರಾಜಣ್ಣ ಹೇಳಿದರು. ನಗರದಲ್ಲಿ ಬುಧವಾರ ಮಾಧ್ಯಮಗಳೊಂದಿಗೆ ಮಾತನಾಡಿದ ಅವರು, ‘ಮೈಸೂರು ಸೇರಿದಂತೆ ರಾಜ್ಯದ ವಿವಿಧ ಜಿಲ್ಲೆಗಳಲ್ಲಿ ಸಹಕಾರ ಸಂಘಗಳಲ್ಲಿ ಅಕ್ರಮ ನಡೆದಿರುವ ಕುರಿತು ದೂರುಗಳು ದಾಖಲಾಗಿವೆ. ಹಲವು ಪ್ರಕರಣಗಳು ನ್ಯಾಯಾಲಯದಲ್ಲಿದ್ದು, ತನಿಖೆ ಪೂರ್ಣಗೊಂಡ ಬಳಿಕ ತಪ್ಪಿತಸ್ಥರ ವಿರುದ್ಧ ಕಠಿಣ ಕ್ರಮ ಕೈಗೊಳ್ಳಲಾಗುವುದು. ಅಕ್ರಮ ನಡೆದಿರುವ ಸಂಘಗಳ ಆಡಳಿತ ಮಂಡಳಿ ಸೂಪರ್‌ಸೀಡ್ ಮಾಡಲು ಸೂಚಿಸಲಾಗಿದೆ’ ಎಂದು ಹೇಳಿದರು. ‘ಸಹಕಾರ ಸಂಘಗಳಲ್ಲಿ ಠೇವಣಿ ಇಡುವ ಜನರು ಮೋಸ ಹೋಗಬಾರದು. ಇದಕ್ಕಾಗಿ ಆಡಳಿತದಲ್ಲಿ ಪಾರದರ್ಶಕತೆ ತರಲು ಕ್ರಮ ಕೈಗೊಳ್ಳಲಾಗಿದೆ. ಸಂಘಗಳ ಲೆಕ್ಕಪತ್ರ ಪರಿಶೋಧನೆ ಕಡ್ಡಾಯ ಮಾಡಲಾಗಿದೆ’ ಎಂದರು. ‘ಗ್ರಾಹಕರ ಹಿತ ಕಾಯುವುದು ನಮ್ಮ ಆದ್ಯತೆ. ಸಹಕಾರ ಕ್ಷೇತ್ರದಲ್ಲಿ ಸುಧಾರಣೆ ತರಲು ಸರ್ಕಾರ ಬದ್ಧವಾಗಿದೆ’ ಎಂದು ತಿಳಿಸಿದರು.

SUDIN Kannada Daily Editor,Printer,Publisher and owned by S.M.HODLUR , SECTOR NO.45, PLOT NO.592, NAVANAGAR-BAGALKOT- 587102.Karanataka StatePRINTED AT SUDINA
PRINTERS , SECTOR NO.45. PLOT NO.592. NAVANAGAR-BAGALKOT- 587102.Karanataka State
